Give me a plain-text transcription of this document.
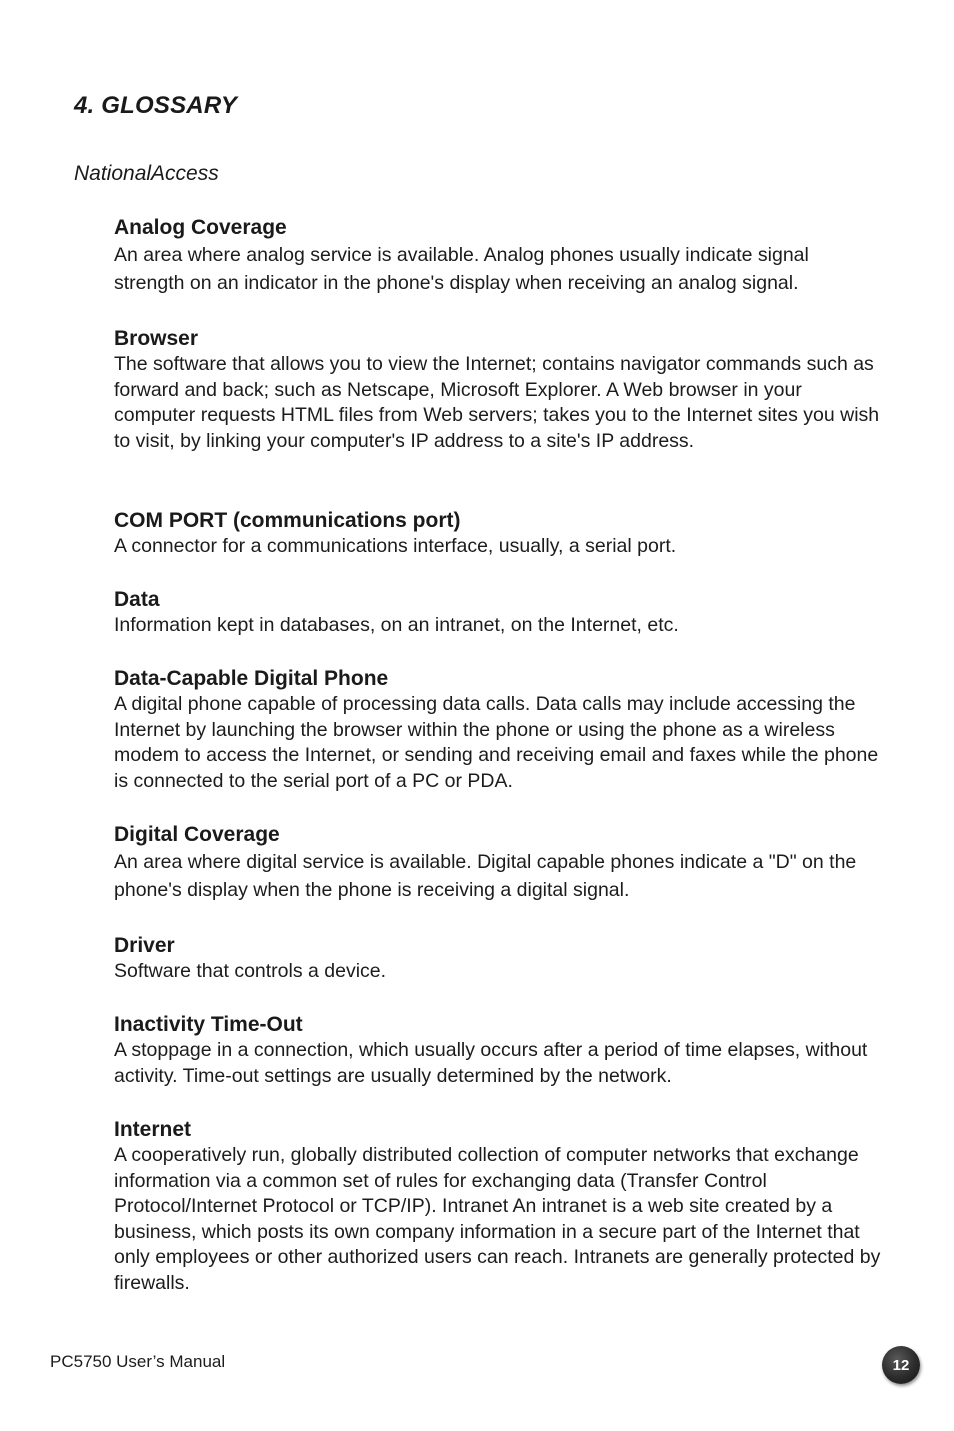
4. GLOSSARY
NationalAccess
Analog Coverage
An area where analog service is available. Analog phones usually indicate signal strength on an indicator in the phone's display when receiving an analog signal.
Browser
The software that allows you to view the Internet; contains navigator commands such as forward and back; such as Netscape, Microsoft Explorer. A Web browser in your computer requests HTML files from Web servers; takes you to the Internet sites you wish to visit, by linking your computer's IP address to a site's IP address.
COM PORT (communications port)
A connector for a communications interface, usually, a serial port.
Data
Information kept in databases, on an intranet, on the Internet, etc.
Data-Capable Digital Phone
A digital phone capable of processing data calls. Data calls may include accessing the Internet by launching the browser within the phone or using the phone as a wireless modem to access the Internet, or sending and receiving email and faxes while the phone is connected to the serial port of a PC or PDA.
Digital Coverage
An area where digital service is available. Digital capable phones indicate a "D" on the phone's display when the phone is receiving a digital signal.
Driver
Software that controls a device.
Inactivity Time-Out
A stoppage in a connection, which usually occurs after a period of time elapses, without activity. Time-out settings are usually determined by the network.
Internet
A cooperatively run, globally distributed collection of computer networks that exchange information via a common set of rules for exchanging data (Transfer Control Protocol/Internet Protocol or TCP/IP). Intranet An intranet is a web site created by a business, which posts its own company information in a secure part of the Internet that only employees or other authorized users can reach. Intranets are generally protected by firewalls.
PC5750 User’s Manual	12
